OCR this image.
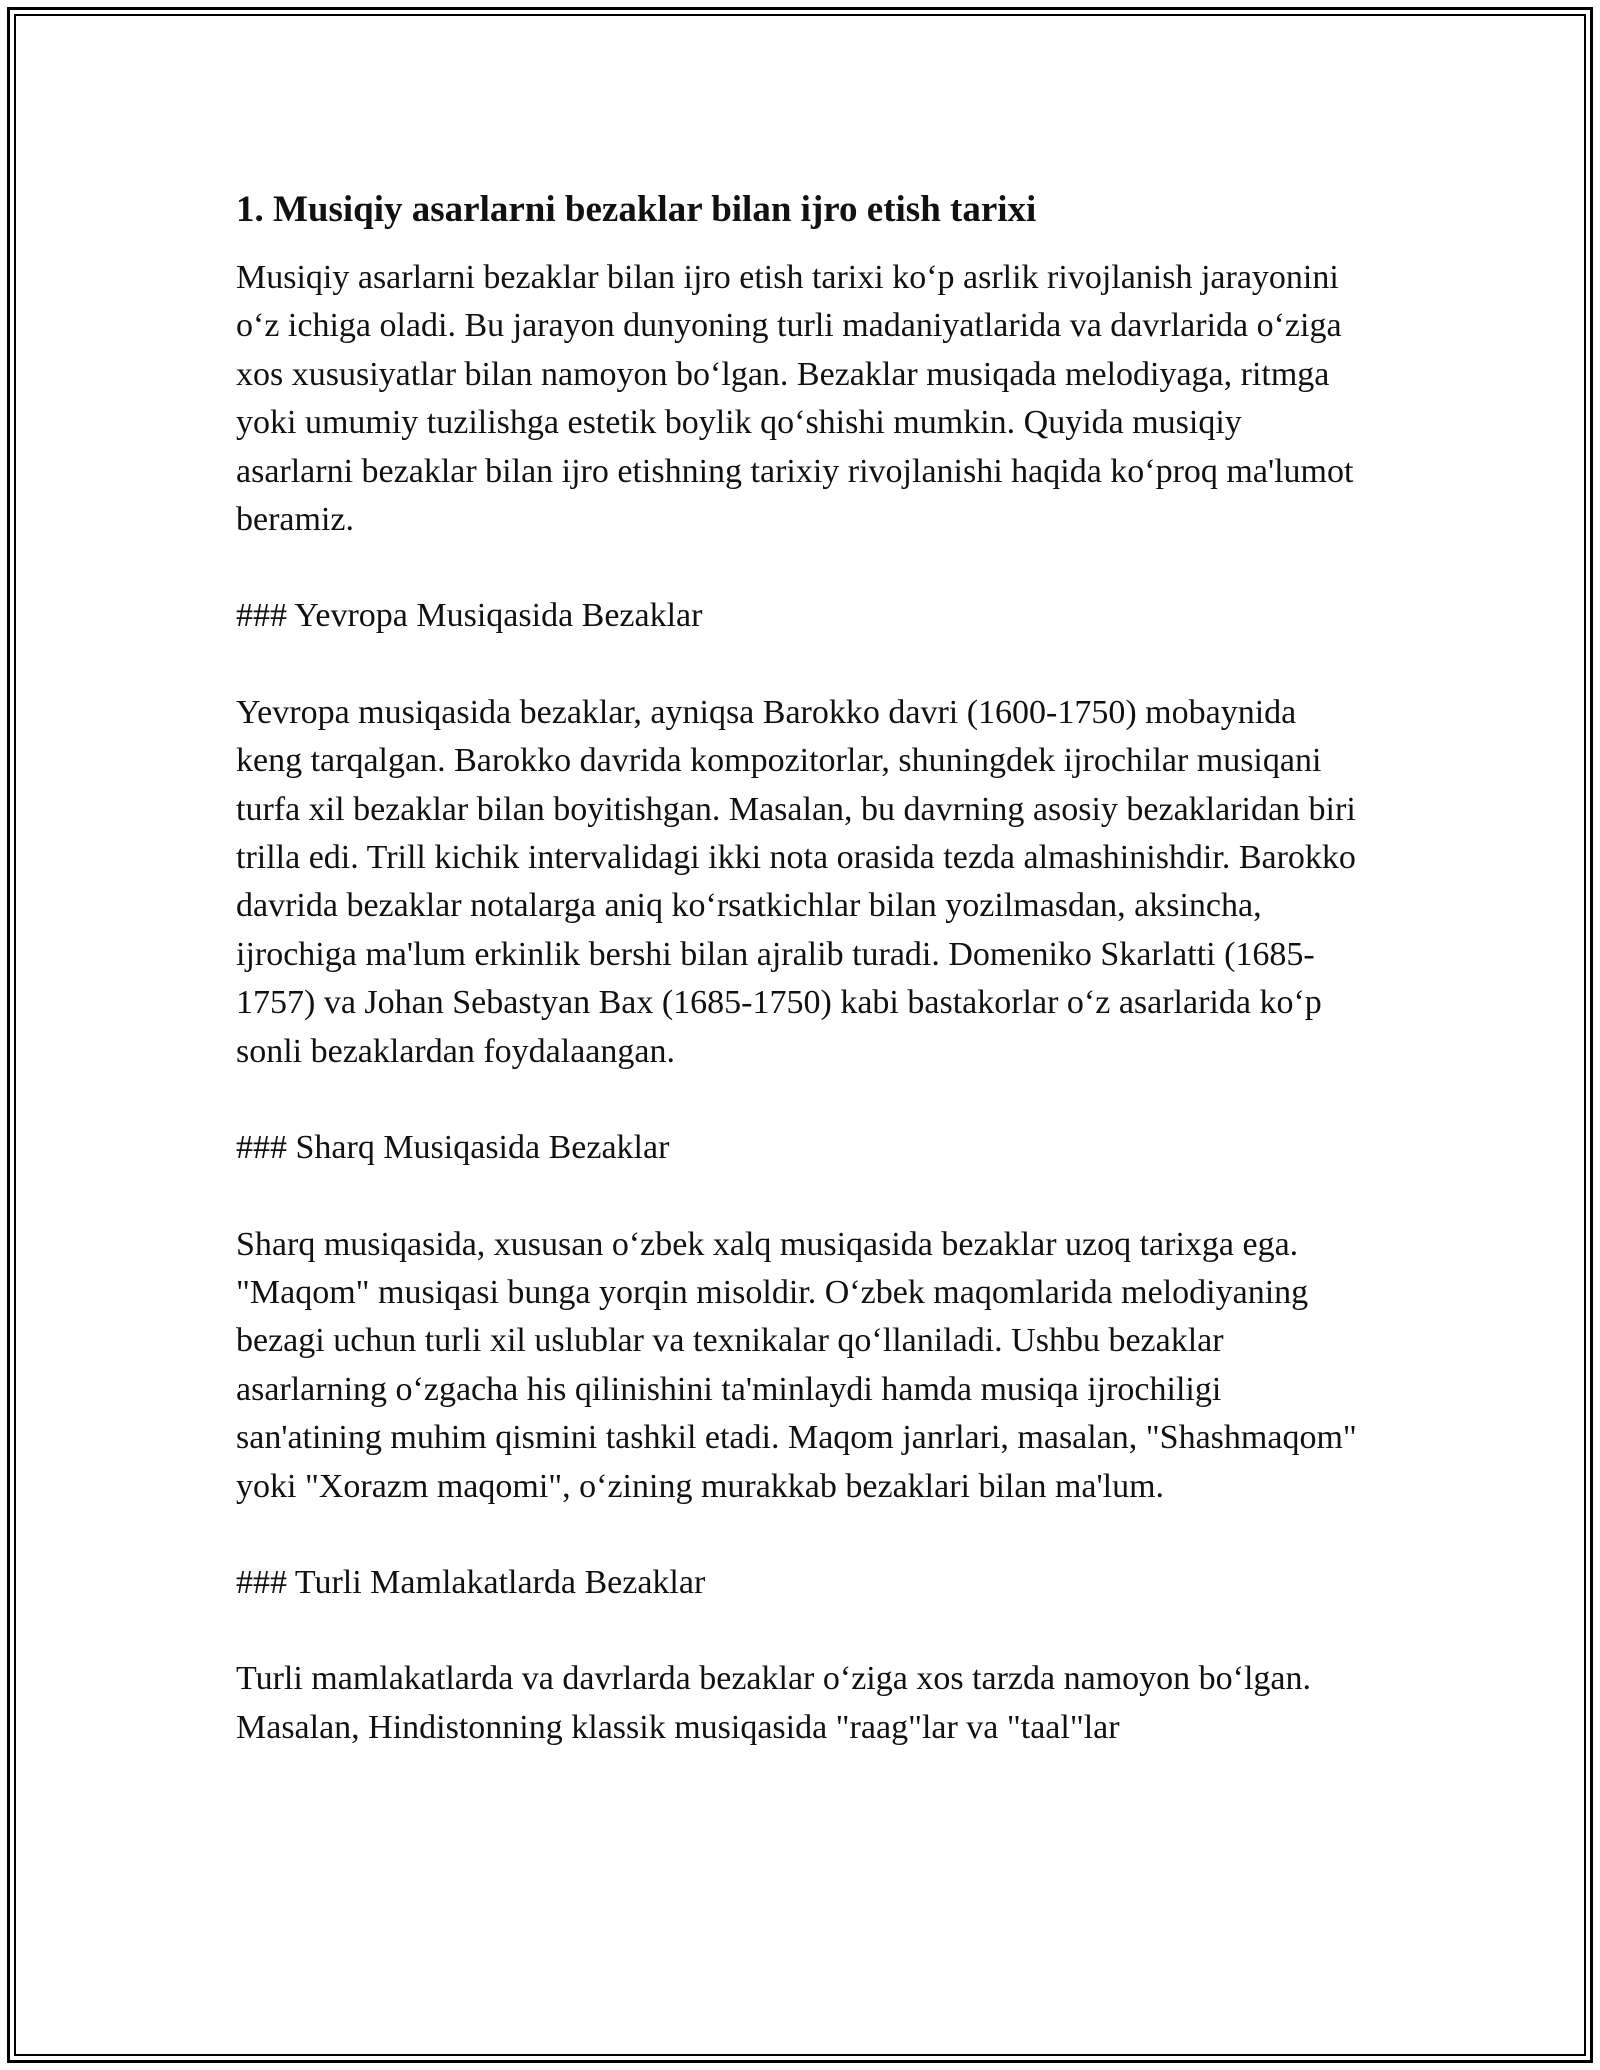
1. Musiqiy asarlarni bezaklar bilan ijro etish tarixi
Musiqiy asarlarni bezaklar bilan ijro etish tarixi ko‘p asrlik rivojlanish jarayonini o‘z ichiga oladi. Bu jarayon dunyoning turli madaniyatlarida va davrlarida o‘ziga xos xususiyatlar bilan namoyon bo‘lgan. Bezaklar musiqada melodiyaga, ritmga yoki umumiy tuzilishga estetik boylik qo‘shishi mumkin. Quyida musiqiy asarlarni bezaklar bilan ijro etishning tarixiy rivojlanishi haqida ko‘proq ma'lumot beramiz.
### Yevropa Musiqasida Bezaklar
Yevropa musiqasida bezaklar, ayniqsa Barokko davri (1600-1750) mobaynida keng tarqalgan. Barokko davrida kompozitorlar, shuningdek ijrochilar musiqani turfa xil bezaklar bilan boyitishgan. Masalan, bu davrning asosiy bezaklaridan biri trilla edi. Trill kichik intervalidagi ikki nota orasida tezda almashinishdir. Barokko davrida bezaklar notalarga aniq ko‘rsatkichlar bilan yozilmasdan, aksincha, ijrochiga ma'lum erkinlik bershi bilan ajralib turadi. Domeniko Skarlatti (1685-1757) va Johan Sebastyan Bax (1685-1750) kabi bastakorlar o‘z asarlarida ko‘p sonli bezaklardan foydalaangan.
### Sharq Musiqasida Bezaklar
Sharq musiqasida, xususan o‘zbek xalq musiqasida bezaklar uzoq tarixga ega. "Maqom" musiqasi bunga yorqin misoldir. O‘zbek maqomlarida melodiyaning bezagi uchun turli xil uslublar va texnikalar qo‘llaniladi. Ushbu bezaklar asarlarning o‘zgacha his qilinishini ta'minlaydi hamda musiqa ijrochiligi san'atining muhim qismini tashkil etadi. Maqom janrlari, masalan, "Shashmaqom" yoki "Xorazm maqomi", o‘zining murakkab bezaklari bilan ma'lum.
### Turli Mamlakatlarda Bezaklar
Turli mamlakatlarda va davrlarda bezaklar o‘ziga xos tarzda namoyon bo‘lgan. Masalan, Hindistonning klassik musiqasida "raag"lar va "taal"lar
